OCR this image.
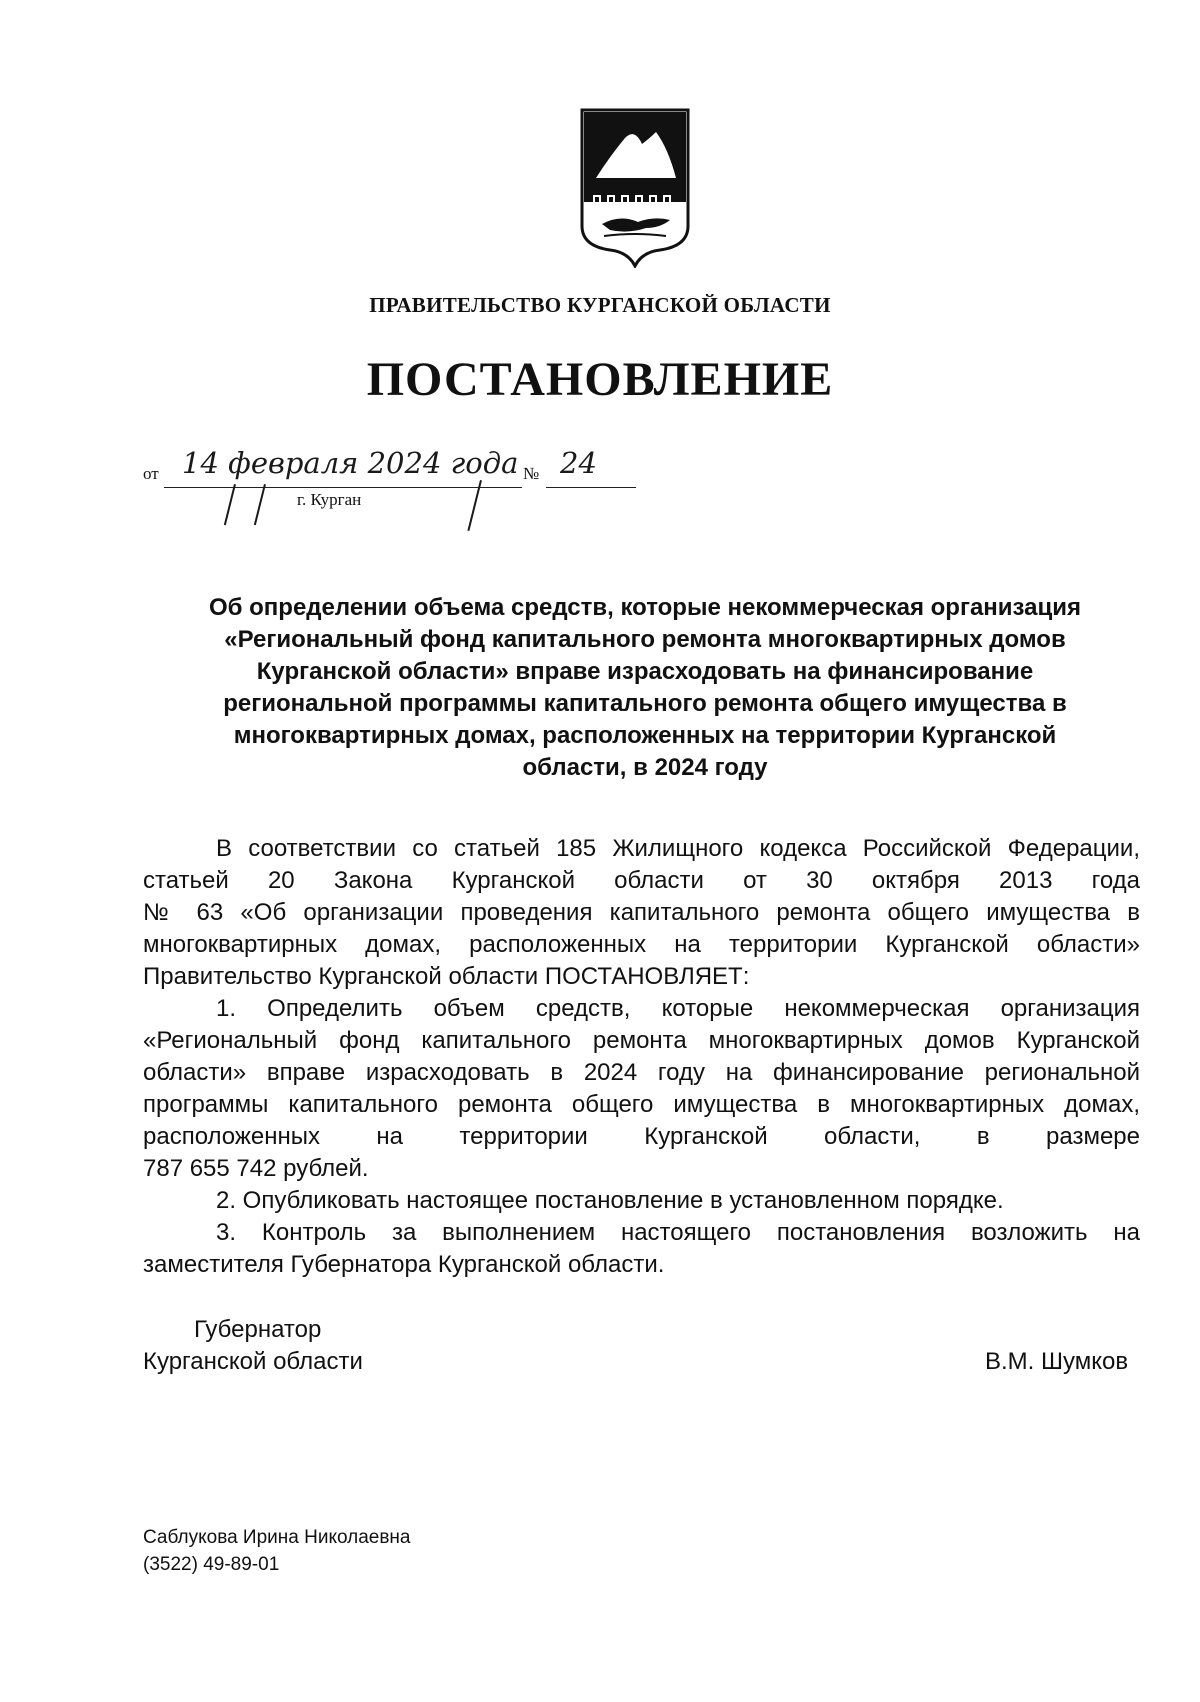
ПРАВИТЕЛЬСТВО КУРГАНСКОЙ ОБЛАСТИ
ПОСТАНОВЛЕНИЕ
от 14 февраля 2024 года № 24
г. Курган
Об определении объема средств, которые некоммерческая организация
«Региональный фонд капитального ремонта многоквартирных домов
Курганской области» вправе израсходовать на финансирование
региональной программы капитального ремонта общего имущества в
многоквартирных домах, расположенных на территории Курганской
области, в 2024 году
В соответствии со статьей 185 Жилищного кодекса Российской Федерации,
статьей 20 Закона Курганской области от 30 октября 2013 года
№ 63 «Об организации проведения капитального ремонта общего имущества в
многоквартирных домах, расположенных на территории Курганской области»
Правительство Курганской области ПОСТАНОВЛЯЕТ:
1. Определить объем средств, которые некоммерческая организация
«Региональный фонд капитального ремонта многоквартирных домов Курганской
области» вправе израсходовать в 2024 году на финансирование региональной
программы капитального ремонта общего имущества в многоквартирных домах,
расположенных на территории Курганской области, в размере
787 655 742 рублей.
2. Опубликовать настоящее постановление в установленном порядке.
3. Контроль за выполнением настоящего постановления возложить на
заместителя Губернатора Курганской области.
Губернатор
Курганской области	В.М. Шумков
Саблукова Ирина Николаевна
(3522) 49-89-01
